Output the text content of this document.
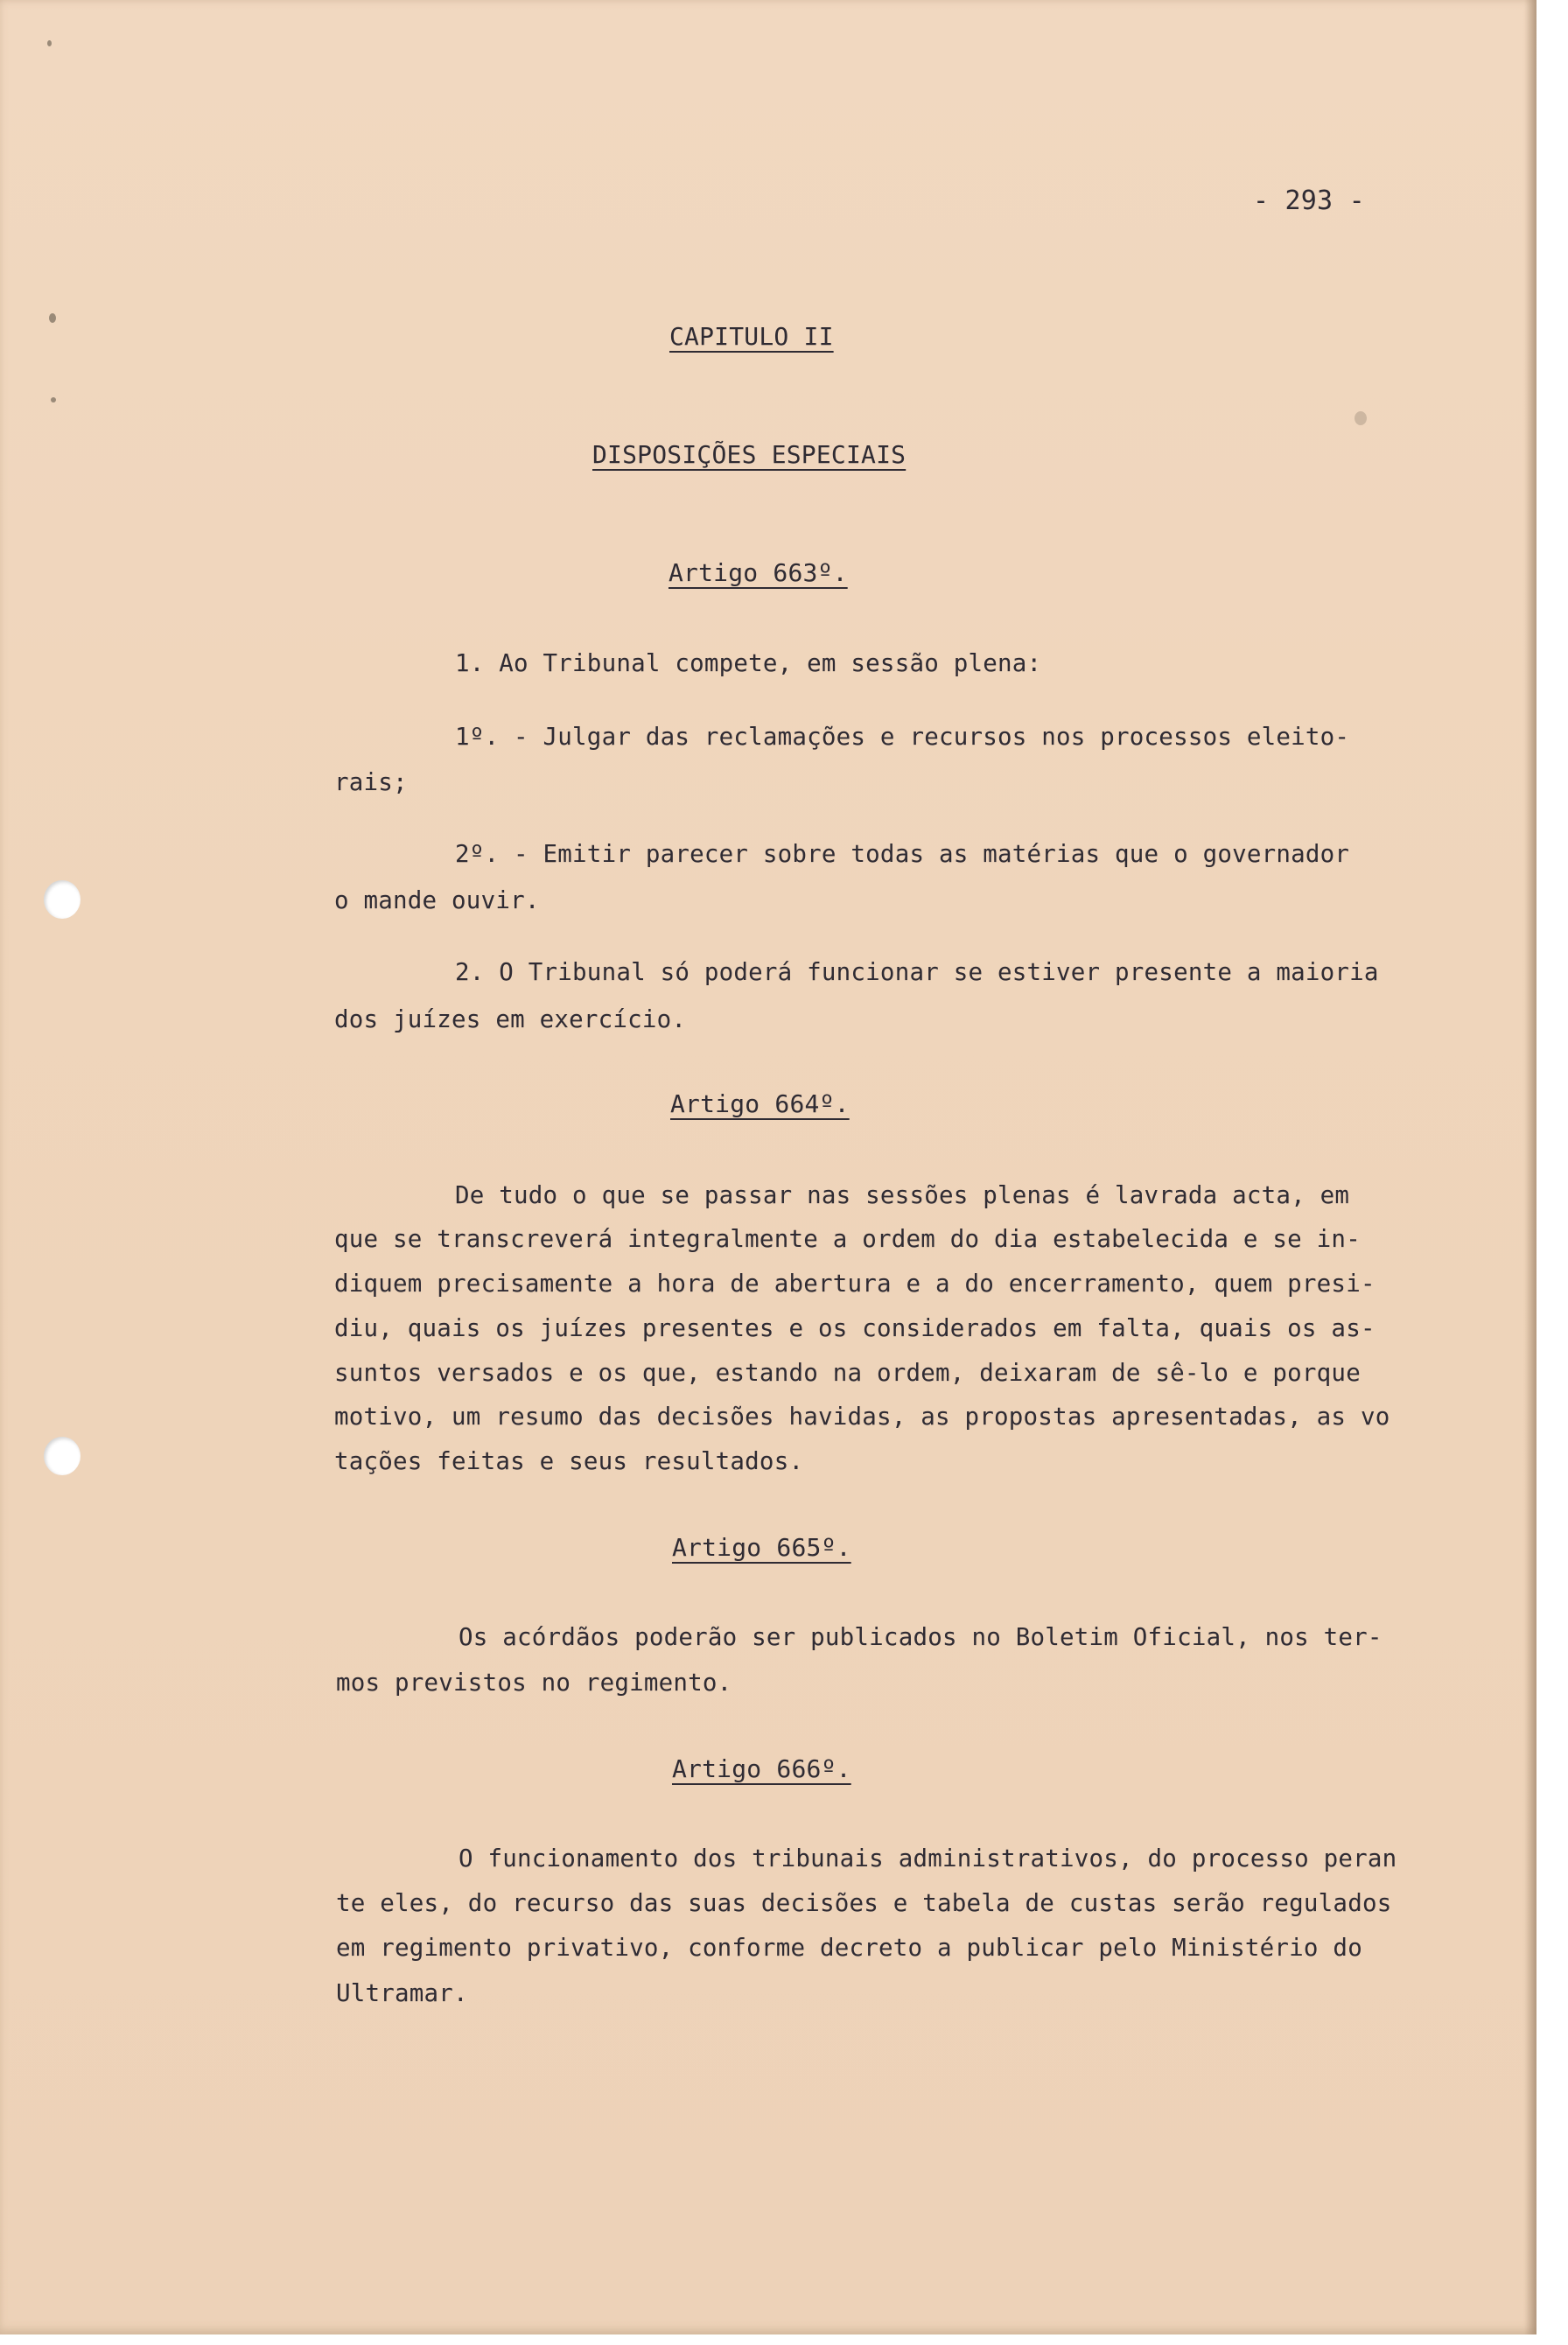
- 293 -
CAPITULO II
DISPOSIÇÕES ESPECIAIS
Artigo 663º.
1. Ao Tribunal compete, em sessão plena:
1º. - Julgar das reclamações e recursos nos processos eleito-
rais;
2º. - Emitir parecer sobre todas as matérias que o governador
o mande ouvir.
2. O Tribunal só poderá funcionar se estiver presente a maioria
dos juízes em exercício.
Artigo 664º.
De tudo o que se passar nas sessões plenas é lavrada acta, em
que se transcreverá integralmente a ordem do dia estabelecida e se in-
diquem precisamente a hora de abertura e a do encerramento, quem presi-
diu, quais os juízes presentes e os considerados em falta, quais os as-
suntos versados e os que, estando na ordem, deixaram de sê-lo e porque
motivo, um resumo das decisões havidas, as propostas apresentadas, as vo
tações feitas e seus resultados.
Artigo 665º.
Os acórdãos poderão ser publicados no Boletim Oficial, nos ter-
mos previstos no regimento.
Artigo 666º.
O funcionamento dos tribunais administrativos, do processo peran
te eles, do recurso das suas decisões e tabela de custas serão regulados
em regimento privativo, conforme decreto a publicar pelo Ministério do
Ultramar.
